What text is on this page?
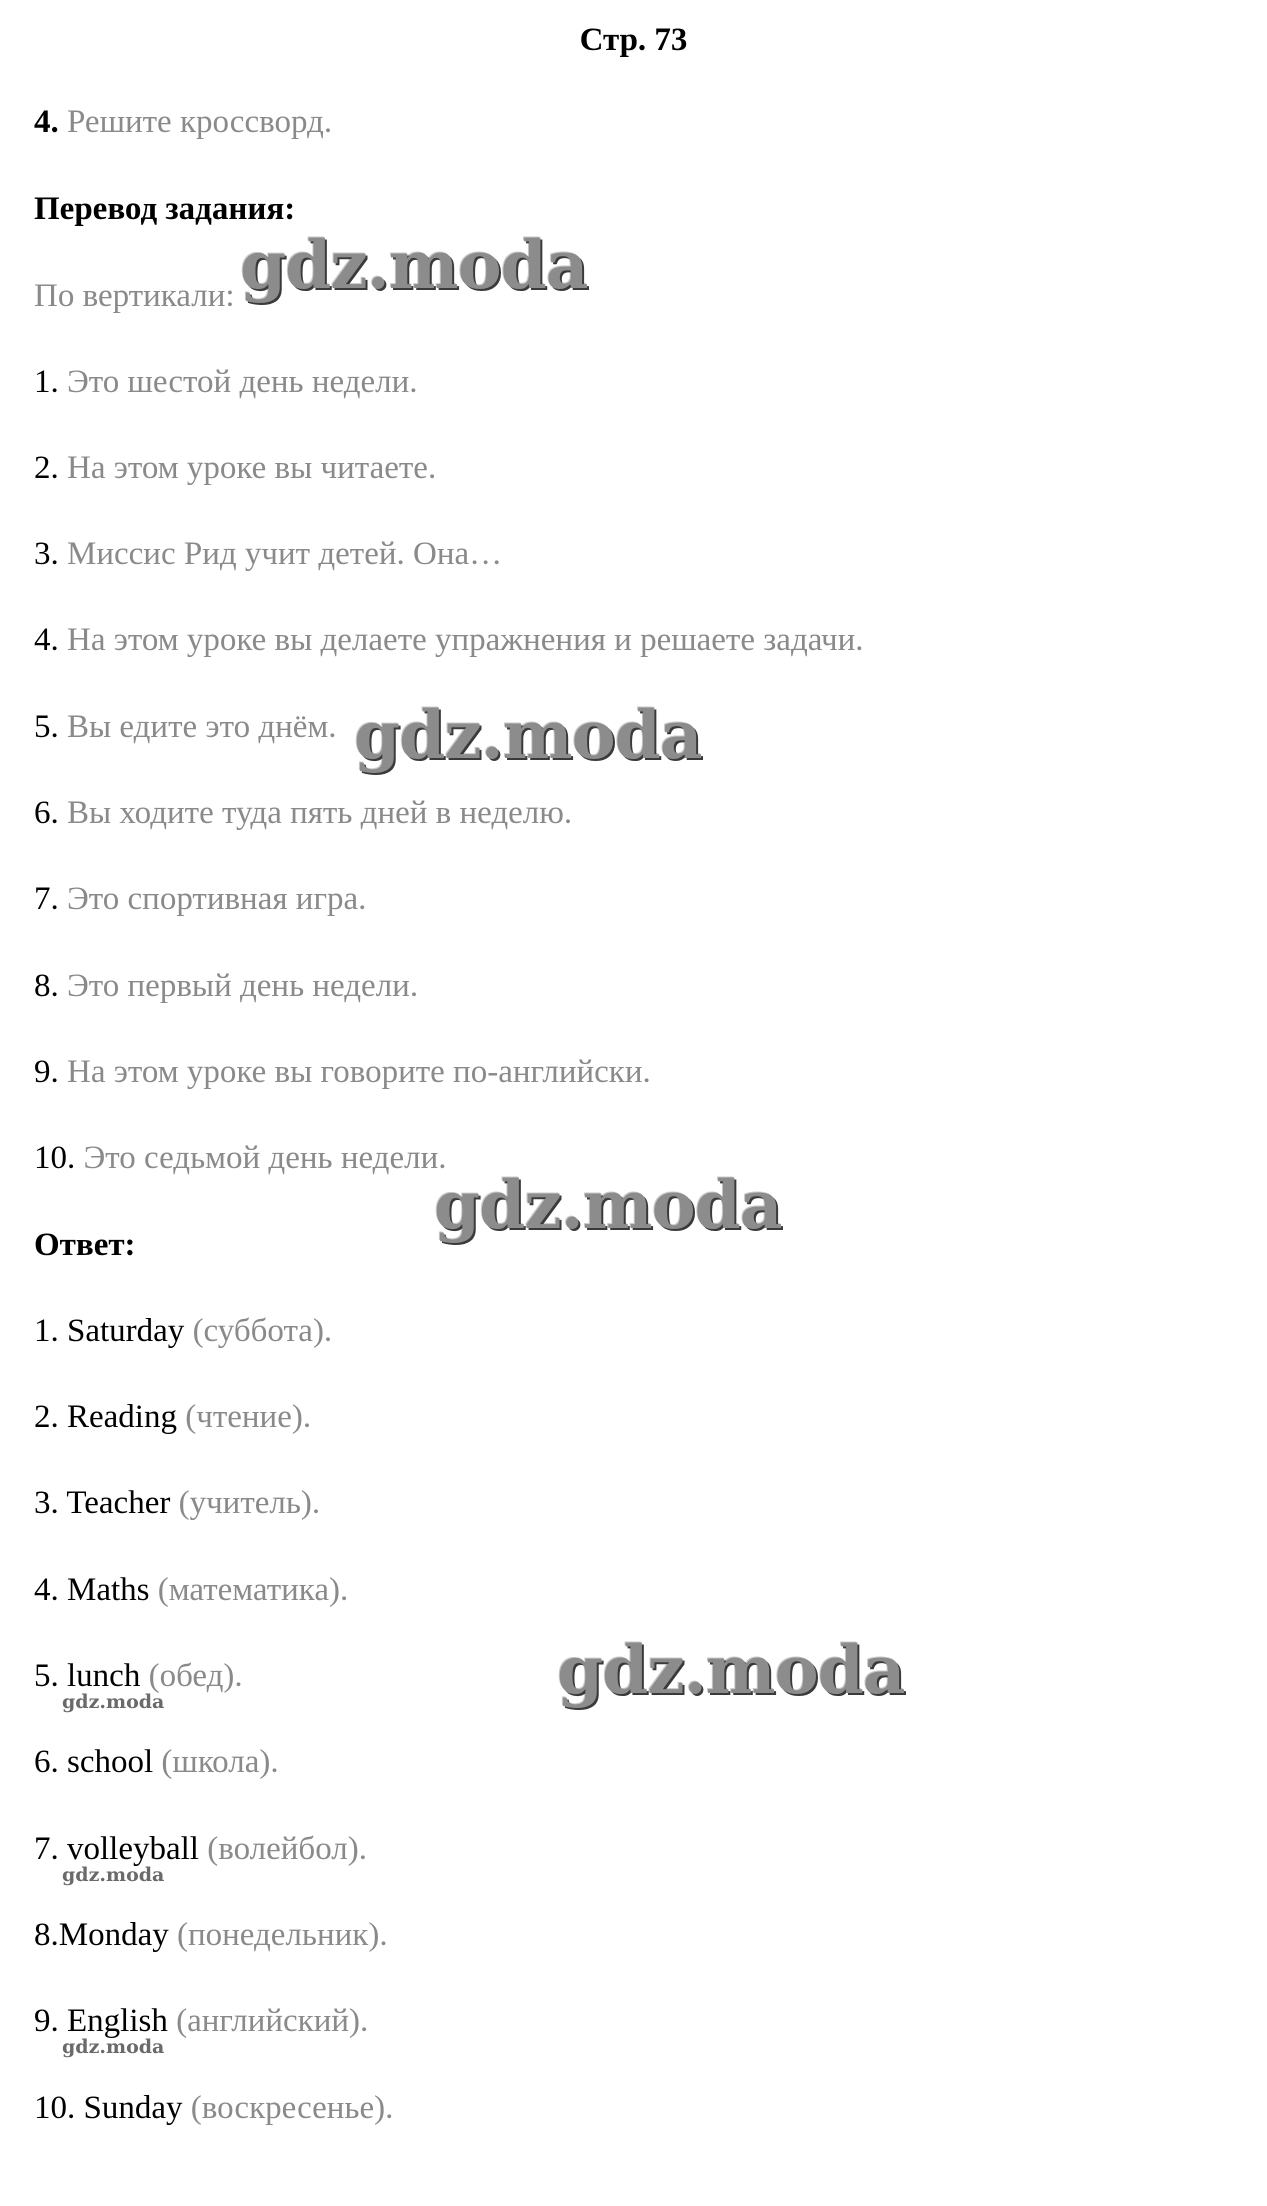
Стр. 73
4. Решите кроссворд.
Перевод задания:
По вертикали:
1. Это шестой день недели.
2. На этом уроке вы читаете.
3. Миссис Рид учит детей. Она…
4. На этом уроке вы делаете упражнения и решаете задачи.
5. Вы едите это днём.
6. Вы ходите туда пять дней в неделю.
7. Это спортивная игра.
8. Это первый день недели.
9. На этом уроке вы говорите по-английски.
10. Это седьмой день недели.
Ответ:
1. Saturday (суббота).
2. Reading (чтение).
3. Teacher (учитель).
4. Maths (математика).
5. lunch (обед).
6. school (школа).
7. volleyball (волейбол).
8.Monday (понедельник).
9. English (английский).
10. Sunday (воскресенье).
gdz.moda
gdz.moda
gdz.moda
gdz.moda
gdz.moda
gdz.moda
gdz.moda
